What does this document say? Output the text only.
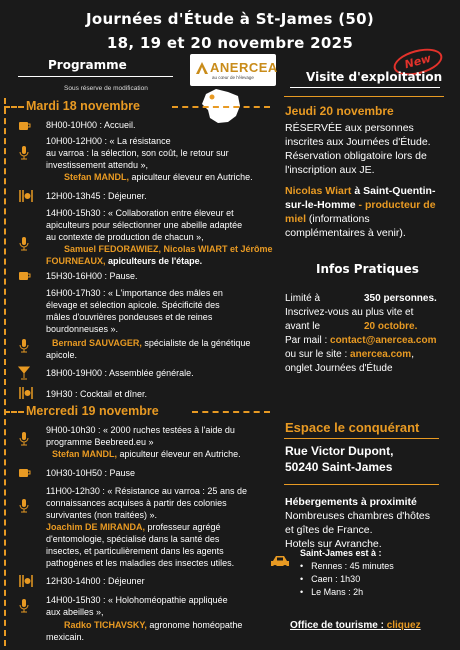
Journées d'Étude à St-James (50)
18, 19 et 20 novembre 2025
Programme
Sous réserve de modification
ANERCEA
au cœur de l'élevage
New
Visite d'exploitation
Mardi 18 novembre
8H00-10H00 : Accueil.
10H00-12H00 : « La résistance
au varroa : la sélection, son coût, le retour sur
investissement attendu »,
Stefan MANDL, apiculteur éleveur en Autriche.
12H00-13h45 : Déjeuner.
14H00-15h30 : « Collaboration entre éleveur et
apiculteurs pour sélectionner une abeille adaptée
au contexte de production de chacun »,
Samuel FEDORAWIEZ, Nicolas WIART et Jérôme
FOURNEAUX, apiculteurs de l'étape.
15H30-16H00 : Pause.
16H00-17h30 : « L'importance des mâles en
élevage et sélection apicole. Spécificité des
mâles d'ouvrières pondeuses et de reines
bourdonneuses ».
Bernard SAUVAGER, spécialiste de la génétique
apicole.
18H00-19H00 : Assemblée générale.
19H30 : Cocktail et dîner.
Mercredi 19 novembre
9H00-10h30 : « 2000 ruches testées à l'aide du
programme Beebreed.eu »
Stefan MANDL, apiculteur éleveur en Autriche.
10H30-10H50 : Pause
11H00-12h30 : « Résistance au varroa : 25 ans de
connaissances acquises à partir des colonies
survivantes (non traitées) ».
Joachim DE MIRANDA, professeur agrégé
d'entomologie, spécialisé dans la santé des
insectes, et particulièrement dans les agents
pathogènes et les maladies des insectes utiles.
12H30-14h00 : Déjeuner
14H00-15h30 : « Holohoméopathie appliquée
aux abeilles »,
Radko TICHAVSKY, agronome homéopathe
mexicain.
Jeudi 20 novembre
RÉSERVÉE aux personnes
inscrites aux Journées d'Étude.
Réservation obligatoire lors de
l'inscription aux JE.
Nicolas Wiart à Saint-Quentin-
sur-le-Homme - producteur de
miel (informations
complémentaires à venir).
Infos Pratiques
Limité à	350 personnes.
Inscrivez-vous au plus vite et
avant le	20 octobre.
Par mail : contact@anercea.com
ou sur le site : anercea.com,
onglet Journées d'Étude
Espace le conquérant
Rue Victor Dupont,
50240 Saint-James
Hébergements à proximité
Nombreuses chambres d'hôtes
et gîtes de France.
Hotels sur Avranche.
Saint-James est à :
• Rennes : 45 minutes
• Caen : 1h30
• Le Mans : 2h
Office de tourisme : cliquez
